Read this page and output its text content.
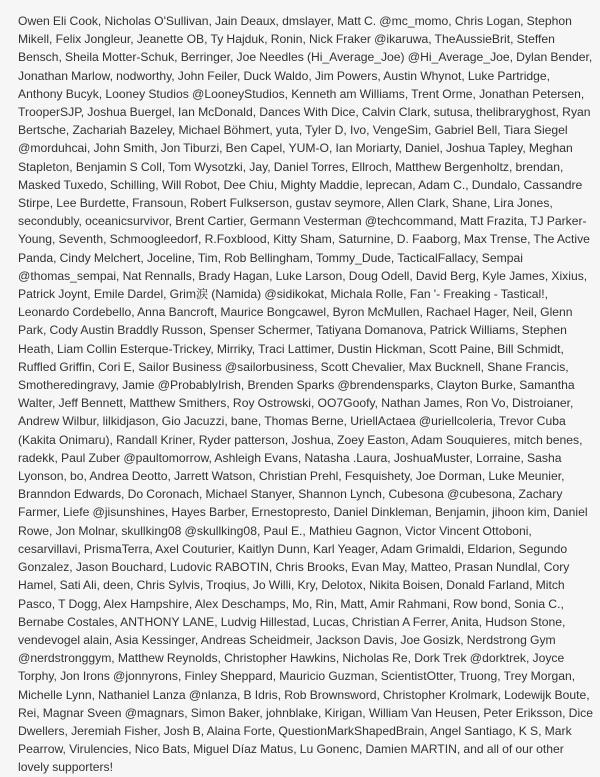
Owen Eli Cook, Nicholas O'Sullivan, Jain Deaux, dmslayer, Matt C. @mc_momo, Chris Logan, Stephon Mikell, Felix Jongleur, Jeanette OB, Ty Hajduk, Ronin, Nick Fraker @ikaruwa, TheAussieBrit, Steffen Bensch, Sheila Motter-Schuk, Berringer, Joe Needles (Hi_Average_Joe) @Hi_Average_Joe, Dylan Bender, Jonathan Marlow, nodworthy, John Feiler, Duck Waldo, Jim Powers, Austin Whynot, Luke Partridge, Anthony Bucyk, Looney Studios @LooneyStudios, Kenneth am Williams, Trent Orme, Jonathan Petersen, TrooperSJP, Joshua Buergel, Ian McDonald, Dances With Dice, Calvin Clark, sutusa, thelibraryghost, Ryan Bertsche, Zachariah Bazeley, Michael Böhmert, yuta, Tyler D, Ivo, VengeSim, Gabriel Bell, Tiara Siegel @morduhcai, John Smith, Jon Tiburzi, Ben Capel, YUM-O, Ian Moriarty, Daniel, Joshua Tapley, Meghan Stapleton, Benjamin S Coll, Tom Wysotzki, Jay, Daniel Torres, Ellroch, Matthew Bergenholtz, brendan, Masked Tuxedo, Schilling, Will Robot, Dee Chiu, Mighty Maddie, leprecan, Adam C., Dundalo, Cassandre Stirpe, Lee Burdette, Fransoun, Robert Fulkserson, gustav seymore, Allen Clark, Shane, Lira Jones, secondubly, oceanicsurvivor, Brent Cartier, Germann Vesterman @techcommand, Matt Frazita, TJ Parker-Young, Seventh, Schmoogleedorf, R.Foxblood, Kitty Sham, Saturnine, D. Faaborg, Max Trense, The Active Panda, Cindy Melchert, Joceline, Tim, Rob Bellingham, Tommy_Dude, TacticalFallacy, Sempai @thomas_sempai, Nat Rennalls, Brady Hagan, Luke Larson, Doug Odell, David Berg, Kyle James, Xixius, Patrick Joynt, Emile Dardel, Grim涙 (Namida) @sidikokat, Michala Rolle, Fan '- Freaking - Tastical!, Leonardo Cordebello, Anna Bancroft, Maurice Bongcawel, Byron McMullen, Rachael Hager, Neil, Glenn Park, Cody Austin Braddly Russon, Spenser Schermer, Tatiyana Domanova, Patrick Williams, Stephen Heath, Liam Collin Esterque-Trickey, Mirriky, Traci Lattimer, Dustin Hickman, Scott Paine, Bill Schmidt, Ruffled Griffin, Cori E, Sailor Business @sailorbusiness, Scott Chevalier, Max Bucknell, Shane Francis, Smotheredingravy, Jamie @ProbablyIrish, Brenden Sparks @brendensparks, Clayton Burke, Samantha Walter, Jeff Bennett, Matthew Smithers, Roy Ostrowski, OO7Goofy, Nathan James, Ron Vo, Distroianer, Andrew Wilbur, lilkidjason, Gio Jacuzzi, bane, Thomas Berne, UriellActaea @uriellcoleria, Trevor Cuba (Kakita Onimaru), Randall Kriner, Ryder patterson, Joshua, Zoey Easton, Adam Souquieres, mitch benes, radekk, Paul Zuber @paultomorrow, Ashleigh Evans, Natasha .Laura, JoshuaMuster, Lorraine, Sasha Lyonson, bo, Andrea Deotto, Jarrett Watson, Christian Prehl, Fesquishety, Joe Dorman, Luke Meunier, Branndon Edwards, Do Coronach, Michael Stanyer, Shannon Lynch, Cubesona @cubesona, Zachary Farmer, Liefe @jisunshines, Hayes Barber, Ernestopresto, Daniel Dinkleman, Benjamin, jihoon kim, Daniel Rowe, Jon Molnar, skullking08 @skullking08, Paul E., Mathieu Gagnon, Victor Vincent Ottoboni, cesarvillavi, PrismaTerra, Axel Couturier, Kaitlyn Dunn, Karl Yeager, Adam Grimaldi, Eldarion, Segundo Gonzalez, Jason Bouchard, Ludovic RABOTIN, Chris Brooks, Evan May, Matteo, Prasan Nundlal, Cory Hamel, Sati Ali, deen, Chris Sylvis, Troqius, Jo Willi, Kry, Delotox, Nikita Boisen, Donald Farland, Mitch Pasco, T Dogg, Alex Hampshire, Alex Deschamps, Mo, Rin, Matt, Amir Rahmani, Row bond, Sonia C., Bernabe Costales, ANTHONY LANE, Ludvig Hillestad, Lucas, Christian A Ferrer, Anita, Hudson Stone, vendevogel alain, Asia Kessinger, Andreas Scheidmeir, Jackson Davis, Joe Gosizk, Nerdstrong Gym @nerdstronggym, Matthew Reynolds, Christopher Hawkins, Nicholas Re, Dork Trek @dorktrek, Joyce Torphy, Jon Irons @jonnyrons, Finley Sheppard, Mauricio Guzman, ScientistOtter, Truong, Trey Morgan, Michelle Lynn, Nathaniel Lanza @nlanza, B Idris, Rob Brownsword, Christopher Krolmark, Lodewijk Boute, Rei, Magnar Sveen @magnars, Simon Baker, johnblake, Kirigan, William Van Heusen, Peter Eriksson, Dice Dwellers, Jeremiah Fisher, Josh B, Alaina Forte, QuestionMarkShapedBrain, Angel Santiago, K S, Mark Pearrow, Virulencies, Nico Bats, Miguel Díaz Matus, Lu Gonenc, Damien MARTIN, and all of our other lovely supporters!
